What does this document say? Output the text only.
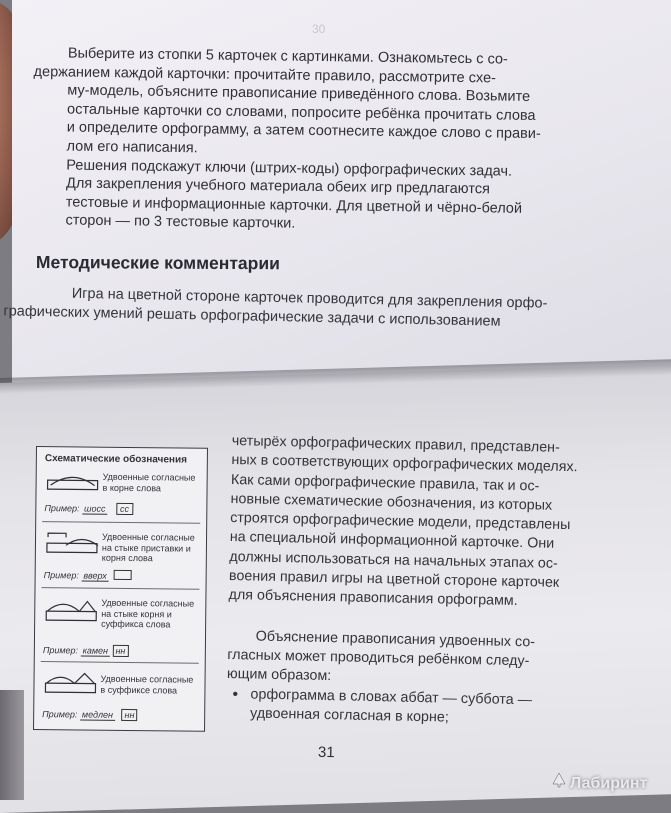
30

Выберите из стопки 5 карточек с картинками. Ознакомьтесь с со-
держанием каждой карточки: прочитайте правило, рассмотрите схе-
му-модель, объясните правописание приведённого слова. Возьмите
остальные карточки со словами, попросите ребёнка прочитать слова
и определите орфограмму, а затем соотнесите каждое слово с прави-
лом его написания.

Решения подскажут ключи (штрих-коды) орфографических задач.

Для закрепления учебного материала обеих игр предлагаются
тестовые и информационные карточки. Для цветной и чёрно-белой
сторон — по 3 тестовые карточки.

Методические комментарии

Игра на цветной стороне карточек проводится для закрепления орфо-
графических умений решать орфографические задачи с использованием

Схематические обозначения
Удвоенные согласные в корне слова
Пример: шосс сс
Удвоенные согласные на стыке приставки и корня слова
Пример: вверх
Удвоенные согласные на стыке корня и суффикса слова
Пример: камен нн
Удвоенные согласные в суффиксе слова
Пример: медлен нн

четырёх орфографических правил, представлен-
ных в соответствующих орфографических моделях.
Как сами орфографические правила, так и ос-
новные схематические обозначения, из которых
строятся орфографические модели, представлены
на специальной информационной карточке. Они
должны использоваться на начальных этапах ос-
воения правил игры на цветной стороне карточек
для объяснения правописания орфограмм.

Объяснение правописания удвоенных со-
гласных может проводиться ребёнком следу-
ющим образом:

• орфограмма в словах аббат — суббота —
удвоенная согласная в корне;
31
Лабиринт
